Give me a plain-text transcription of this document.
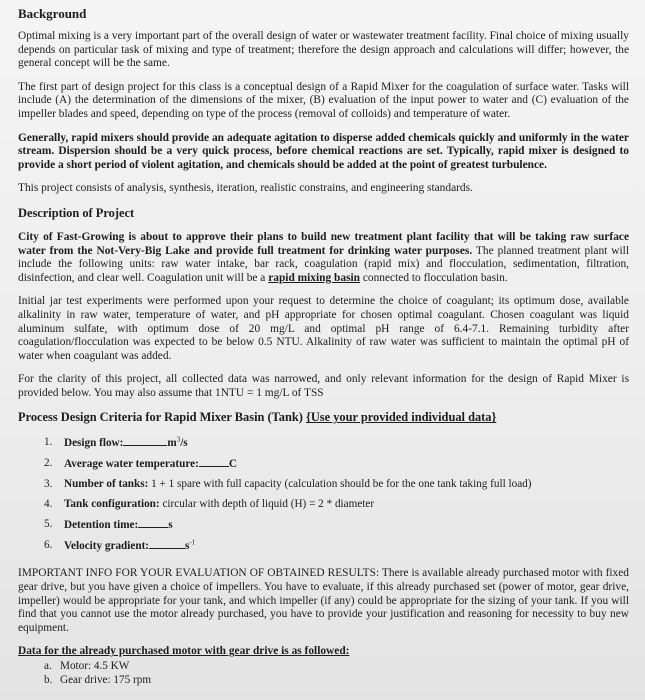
Background

Optimal mixing is a very important part of the overall design of water or wastewater treatment facility. Final choice of mixing usually depends on particular task of mixing and type of treatment; therefore the design approach and calculations will differ; however, the general concept will be the same.

The first part of design project for this class is a conceptual design of a Rapid Mixer for the coagulation of surface water. Tasks will include (A) the determination of the dimensions of the mixer, (B) evaluation of the input power to water and (C) evaluation of the impeller blades and speed, depending on type of the process (removal of colloids) and temperature of water.

Generally, rapid mixers should provide an adequate agitation to disperse added chemicals quickly and uniformly in the water stream. Dispersion should be a very quick process, before chemical reactions are set. Typically, rapid mixer is designed to provide a short period of violent agitation, and chemicals should be added at the point of greatest turbulence.

This project consists of analysis, synthesis, iteration, realistic constrains, and engineering standards.

Description of Project

City of Fast-Growing is about to approve their plans to build new treatment plant facility that will be taking raw surface water from the Not-Very-Big Lake and provide full treatment for drinking water purposes. The planned treatment plant will include the following units: raw water intake, bar rack, coagulation (rapid mix) and flocculation, sedimentation, filtration, disinfection, and clear well. Coagulation unit will be a rapid mixing basin connected to flocculation basin.

Initial jar test experiments were performed upon your request to determine the choice of coagulant; its optimum dose, available alkalinity in raw water, temperature of water, and pH appropriate for chosen optimal coagulant. Chosen coagulant was liquid aluminum sulfate, with optimum dose of 20 mg/L and optimal pH range of 6.4-7.1. Remaining turbidity after coagulation/flocculation was expected to be below 0.5 NTU. Alkalinity of raw water was sufficient to maintain the optimal pH of water when coagulant was added.

For the clarity of this project, all collected data was narrowed, and only relevant information for the design of Rapid Mixer is provided below. You may also assume that 1NTU = 1 mg/L of TSS

Process Design Criteria for Rapid Mixer Basin (Tank) {Use your provided individual data}
1.	Design flow:	$m^3/s$
2.	Average water temperature:	C
3.	Number of tanks: 1 + 1 spare with full capacity (calculation should be for the one tank taking full load)
4.	Tank configuration: circular with depth of liquid (H) = 2 * diameter
5.	Detention time:	s
6.	Velocity gradient:	$s^{-1}$

IMPORTANT INFO FOR YOUR EVALUATION OF OBTAINED RESULTS: There is available already purchased motor with fixed gear drive, but you have given a choice of impellers. You have to evaluate, if this already purchased set (power of motor, gear drive, impeller) would be appropriate for your tank, and which impeller (if any) could be appropriate for the sizing of your tank. If you will find that you cannot use the motor already purchased, you have to provide your justification and reasoning for necessity to buy new equipment.

Data for the already purchased motor with gear drive is as followed:
a. Motor: 4.5 KW
b. Gear drive: 175 rpm
